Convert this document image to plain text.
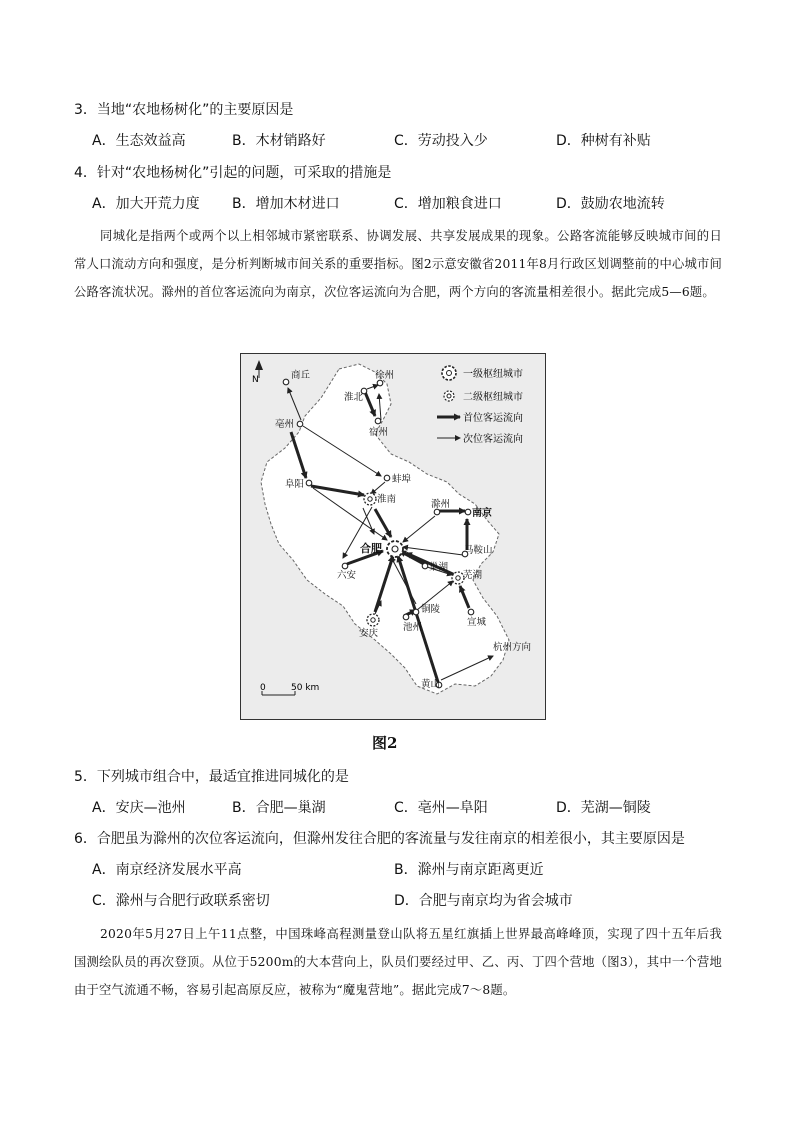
3．当地“农地杨树化”的主要原因是
A．生态效益高	B．木材销路好	C．劳动投入少	D．种树有补贴
4．针对“农地杨树化”引起的问题，可采取的措施是
A．加大开荒力度 B．增加木材进口	C．增加粮食进口	D．鼓励农地流转
同城化是指两个或两个以上相邻城市紧密联系、协调发展、共享发展成果的现象。公路客流能够反映城市间的日常人口流动方向和强度，是分析判断城市间关系的重要指标。图2示意安徽省2011年8月行政区划调整前的中心城市间公路客流状况。滁州的首位客运流向为南京，次位客运流向为合肥，两个方向的客流量相差很小。据此完成5—6题。
N	一级枢纽城市
二级枢纽城市
首位客运流向
次位客运流向
商丘	徐州
淮北
宿州
亳州
蚌埠
阜阳
淮南	滁州
南京
马鞍山
合肥
六安
巢湖
芜湖
铜陵
宣城
安庆
池州
杭州方向
黄山
0	50 km
图2
5．下列城市组合中，最适宜推进同城化的是
A．安庆—池州	B．合肥—巢湖	C．亳州—阜阳	D．芜湖—铜陵
6．合肥虽为滁州的次位客运流向，但滁州发往合肥的客流量与发往南京的相差很小，其主要原因是
A．南京经济发展水平高	B．滁州与南京距离更近
C．滁州与合肥行政联系密切	D．合肥与南京均为省会城市
2020年5月27日上午11点整，中国珠峰高程测量登山队将五星红旗插上世界最高峰峰顶，实现了四十五年后我国测绘队员的再次登顶。从位于5200m的大本营向上，队员们要经过甲、乙、丙、丁四个营地（图3），其中一个营地由于空气流通不畅，容易引起高原反应，被称为“魔鬼营地”。据此完成7～8题。
